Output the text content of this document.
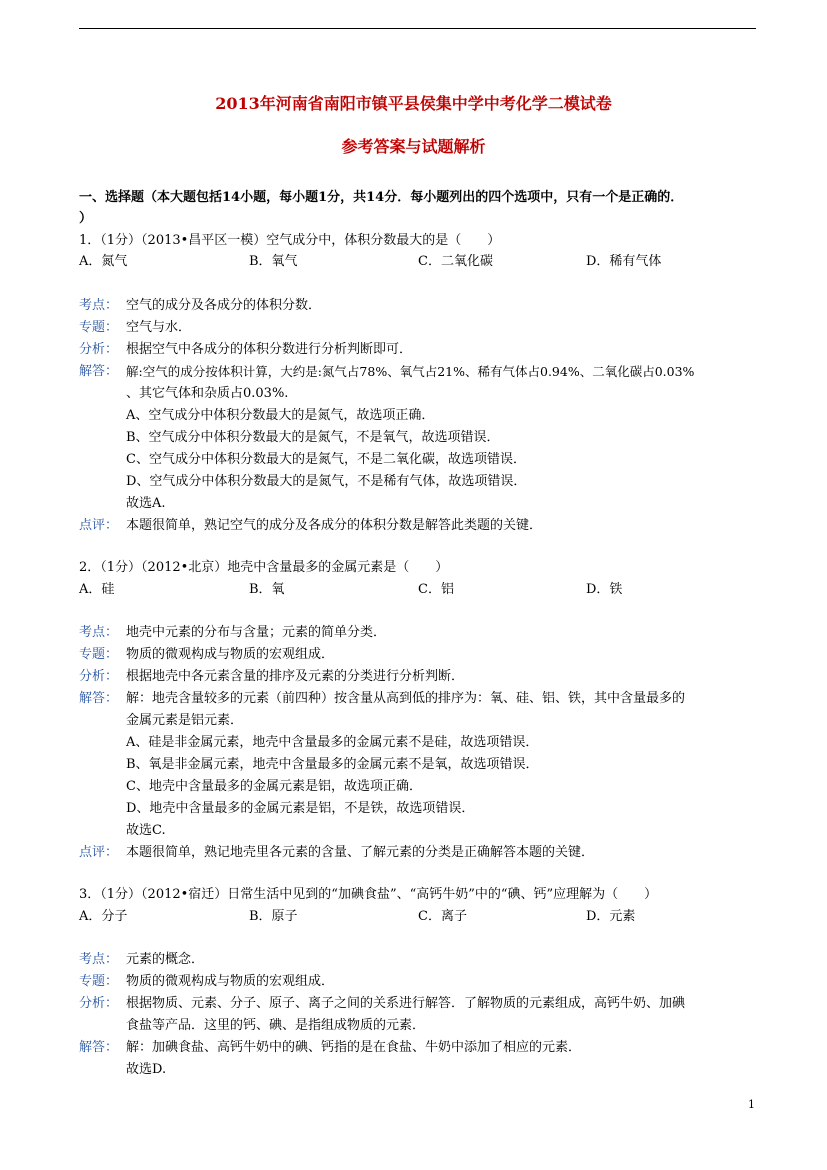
2013年河南省南阳市镇平县侯集中学中考化学二模试卷
参考答案与试题解析
一、选择题（本大题包括14小题，每小题1分，共14分．每小题列出的四个选项中，只有一个是正确的．
）
1．（1分）（2013•昌平区一模）空气成分中，体积分数最大的是（　　）
A．氮气	B．氧气	C．二氧化碳	D．稀有气体
考点： 空气的成分及各成分的体积分数．
专题： 空气与水．
分析： 根据空气中各成分的体积分数进行分析判断即可．
解答： 解:空气的成分按体积计算，大约是:氮气占78%、氧气占21%、稀有气体占0.94%、二氧化碳占0.03%
、其它气体和杂质占0.03%.
A、空气成分中体积分数最大的是氮气，故选项正确．
B、空气成分中体积分数最大的是氮气，不是氧气，故选项错误．
C、空气成分中体积分数最大的是氮气，不是二氧化碳，故选项错误．
D、空气成分中体积分数最大的是氮气，不是稀有气体，故选项错误．
故选A.
点评： 本题很简单，熟记空气的成分及各成分的体积分数是解答此类题的关键．
2．（1分）（2012•北京）地壳中含量最多的金属元素是（　　）
A．硅	B．氧	C．铝	D．铁
考点： 地壳中元素的分布与含量；元素的简单分类．
专题： 物质的微观构成与物质的宏观组成．
分析： 根据地壳中各元素含量的排序及元素的分类进行分析判断．
解答： 解：地壳含量较多的元素（前四种）按含量从高到低的排序为：氧、硅、铝、铁，其中含量最多的
金属元素是铝元素．
A、硅是非金属元素，地壳中含量最多的金属元素不是硅，故选项错误．
B、氧是非金属元素，地壳中含量最多的金属元素不是氧，故选项错误．
C、地壳中含量最多的金属元素是铝，故选项正确．
D、地壳中含量最多的金属元素是铝，不是铁，故选项错误．
故选C.
点评： 本题很简单，熟记地壳里各元素的含量、了解元素的分类是正确解答本题的关键．
3．（1分）（2012•宿迁）日常生活中见到的“加碘食盐”、“高钙牛奶”中的“碘、钙”应理解为（　　）
A．分子	B．原子	C．离子	D．元素
考点： 元素的概念．
专题： 物质的微观构成与物质的宏观组成．
分析： 根据物质、元素、分子、原子、离子之间的关系进行解答．了解物质的元素组成，高钙牛奶、加碘
食盐等产品．这里的钙、碘、是指组成物质的元素．
解答： 解：加碘食盐、高钙牛奶中的碘、钙指的是在食盐、牛奶中添加了相应的元素．
故选D.
1
